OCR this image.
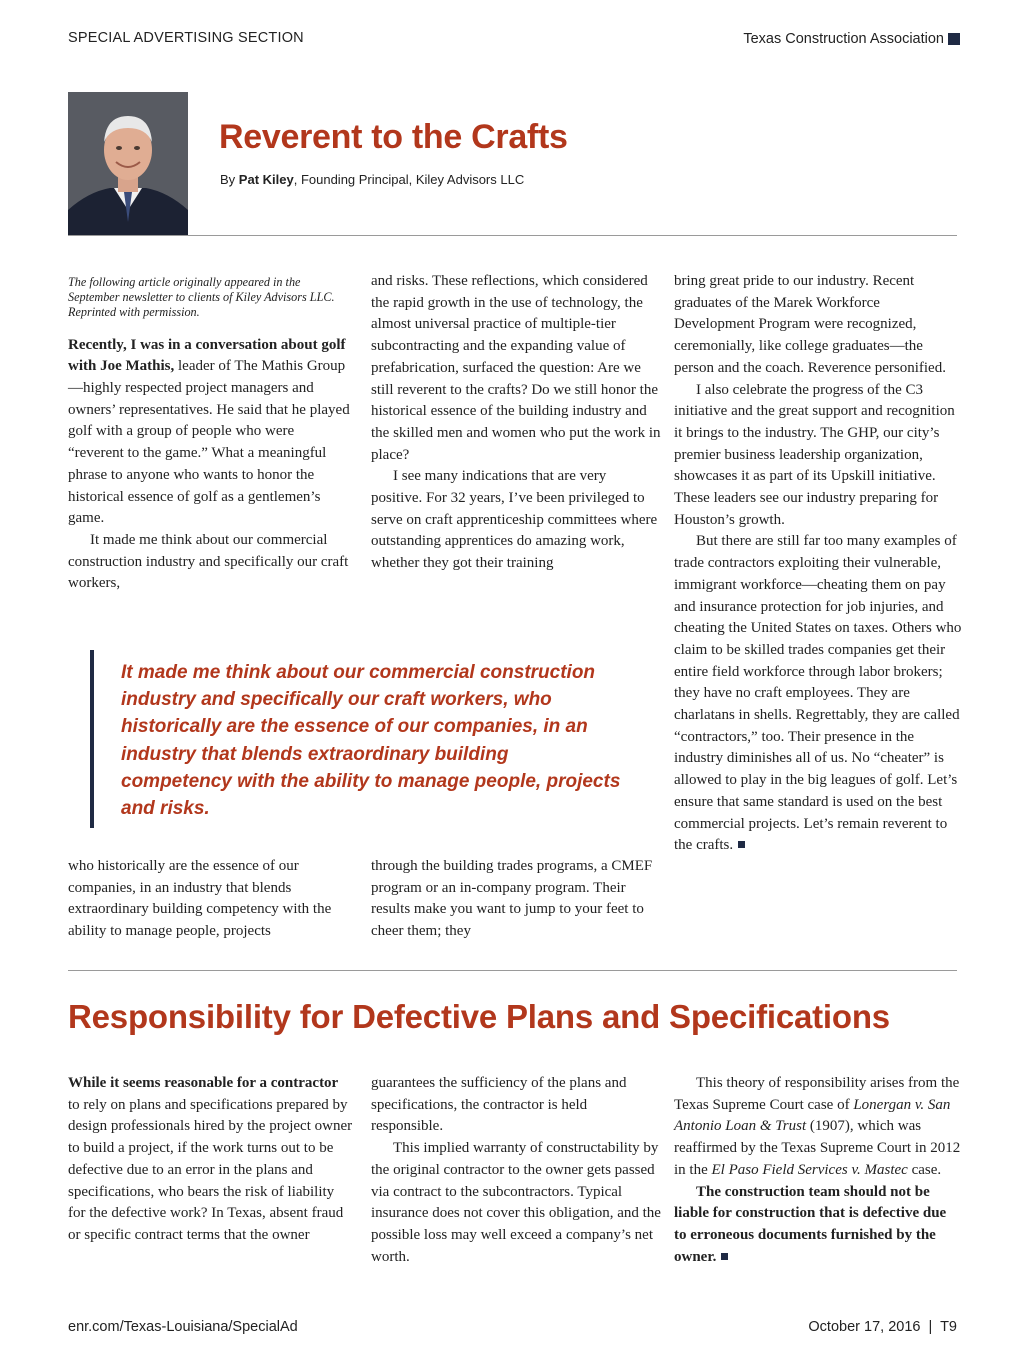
SPECIAL ADVERTISING SECTION	Texas Construction Association
Reverent to the Crafts
By Pat Kiley, Founding Principal, Kiley Advisors LLC

The following article originally appeared in the September newsletter to clients of Kiley Advisors LLC. Reprinted with permission.

Recently, I was in a conversation about golf with Joe Mathis, leader of The Mathis Group—highly respected project managers and owners’ representatives. He said that he played golf with a group of people who were “reverent to the game.” What a meaningful phrase to anyone who wants to honor the historical essence of golf as a gentlemen’s game.

It made me think about our commercial construction industry and specifically our craft workers,

and risks. These reflections, which considered the rapid growth in the use of technology, the almost universal practice of multiple-tier subcontracting and the expanding value of prefabrication, surfaced the question: Are we still reverent to the crafts? Do we still honor the historical essence of the building industry and the skilled men and women who put the work in place?

I see many indications that are very positive. For 32 years, I’ve been privileged to serve on craft apprenticeship committees where outstanding apprentices do amazing work, whether they got their training

bring great pride to our industry. Recent graduates of the Marek Workforce Development Program were recognized, ceremonially, like college graduates—the person and the coach. Reverence personified.

I also celebrate the progress of the C3 initiative and the great support and recognition it brings to the industry. The GHP, our city’s premier business leadership organization, showcases it as part of its Upskill initiative. These leaders see our industry preparing for Houston’s growth.

But there are still far too many examples of trade contractors exploiting their vulnerable, immigrant workforce—cheating them on pay and insurance protection for job injuries, and cheating the United States on taxes. Others who claim to be skilled trades companies get their entire field workforce through labor brokers; they have no craft employees. They are charlatans in shells. Regrettably, they are called “contractors,” too. Their presence in the industry diminishes all of us. No “cheater” is allowed to play in the big leagues of golf. Let’s ensure that same standard is used on the best commercial projects. Let’s remain reverent to the crafts.

It made me think about our commercial construction industry and specifically our craft workers, who historically are the essence of our companies, in an industry that blends extraordinary building competency with the ability to manage people, projects and risks.

who historically are the essence of our companies, in an industry that blends extraordinary building competency with the ability to manage people, projects

through the building trades programs, a CMEF program or an in-company program. Their results make you want to jump to your feet to cheer them; they

Responsibility for Defective Plans and Specifications

While it seems reasonable for a contractor to rely on plans and specifications prepared by design professionals hired by the project owner to build a project, if the work turns out to be defective due to an error in the plans and specifications, who bears the risk of liability for the defective work? In Texas, absent fraud or specific contract terms that the owner

guarantees the sufficiency of the plans and specifications, the contractor is held responsible.

This implied warranty of constructability by the original contractor to the owner gets passed via contract to the subcontractors. Typical insurance does not cover this obligation, and the possible loss may well exceed a company’s net worth.

This theory of responsibility arises from the Texas Supreme Court case of Lonergan v. San Antonio Loan & Trust (1907), which was reaffirmed by the Texas Supreme Court in 2012 in the El Paso Field Services v. Mastec case.

The construction team should not be liable for construction that is defective due to erroneous documents furnished by the owner.

enr.com/Texas-Louisiana/SpecialAd	October 17, 2016  |  T9
